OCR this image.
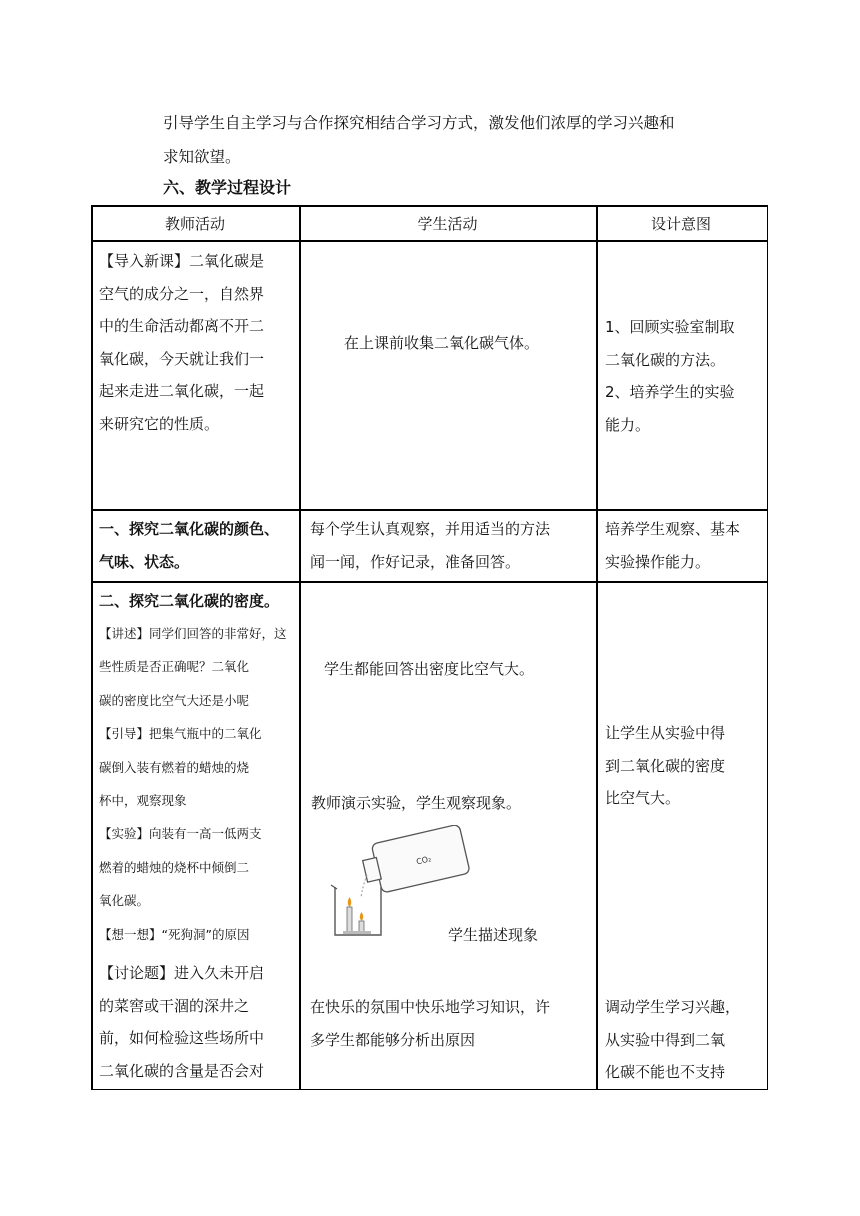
引导学生自主学习与合作探究相结合学习方式，激发他们浓厚的学习兴趣和

求知欲望。

六、教学过程设计
教师活动	学生活动	设计意图
【导入新课】二氧化碳是
空气的成分之一，自然界
中的生命活动都离不开二
氧化碳，今天就让我们一
起来走进二氧化碳，一起
来研究它的性质。
在上课前收集二氧化碳气体。
1、回顾实验室制取
二氧化碳的方法。
2、培养学生的实验
能力。
一、探究二氧化碳的颜色、
气味、状态。
每个学生认真观察，并用适当的方法
闻一闻，作好记录，准备回答。
培养学生观察、基本
实验操作能力。
二、探究二氧化碳的密度。
【讲述】同学们回答的非常好，这
些性质是否正确呢？二氧化
碳的密度比空气大还是小呢
【引导】把集气瓶中的二氧化
碳倒入装有燃着的蜡烛的烧
杯中，观察现象
【实验】向装有一高一低两支
燃着的蜡烛的烧杯中倾倒二
氧化碳。
【想一想】“死狗洞”的原因
【讨论题】进入久未开启
的菜窖或干涸的深井之
前，如何检验这些场所中
二氧化碳的含量是否会对
学生都能回答出密度比空气大。
教师演示实验，学生观察现象。
CO₂
学生描述现象
在快乐的氛围中快乐地学习知识，许
多学生都能够分析出原因
让学生从实验中得
到二氧化碳的密度
比空气大。
调动学生学习兴趣，
从实验中得到二氧
化碳不能也不支持
